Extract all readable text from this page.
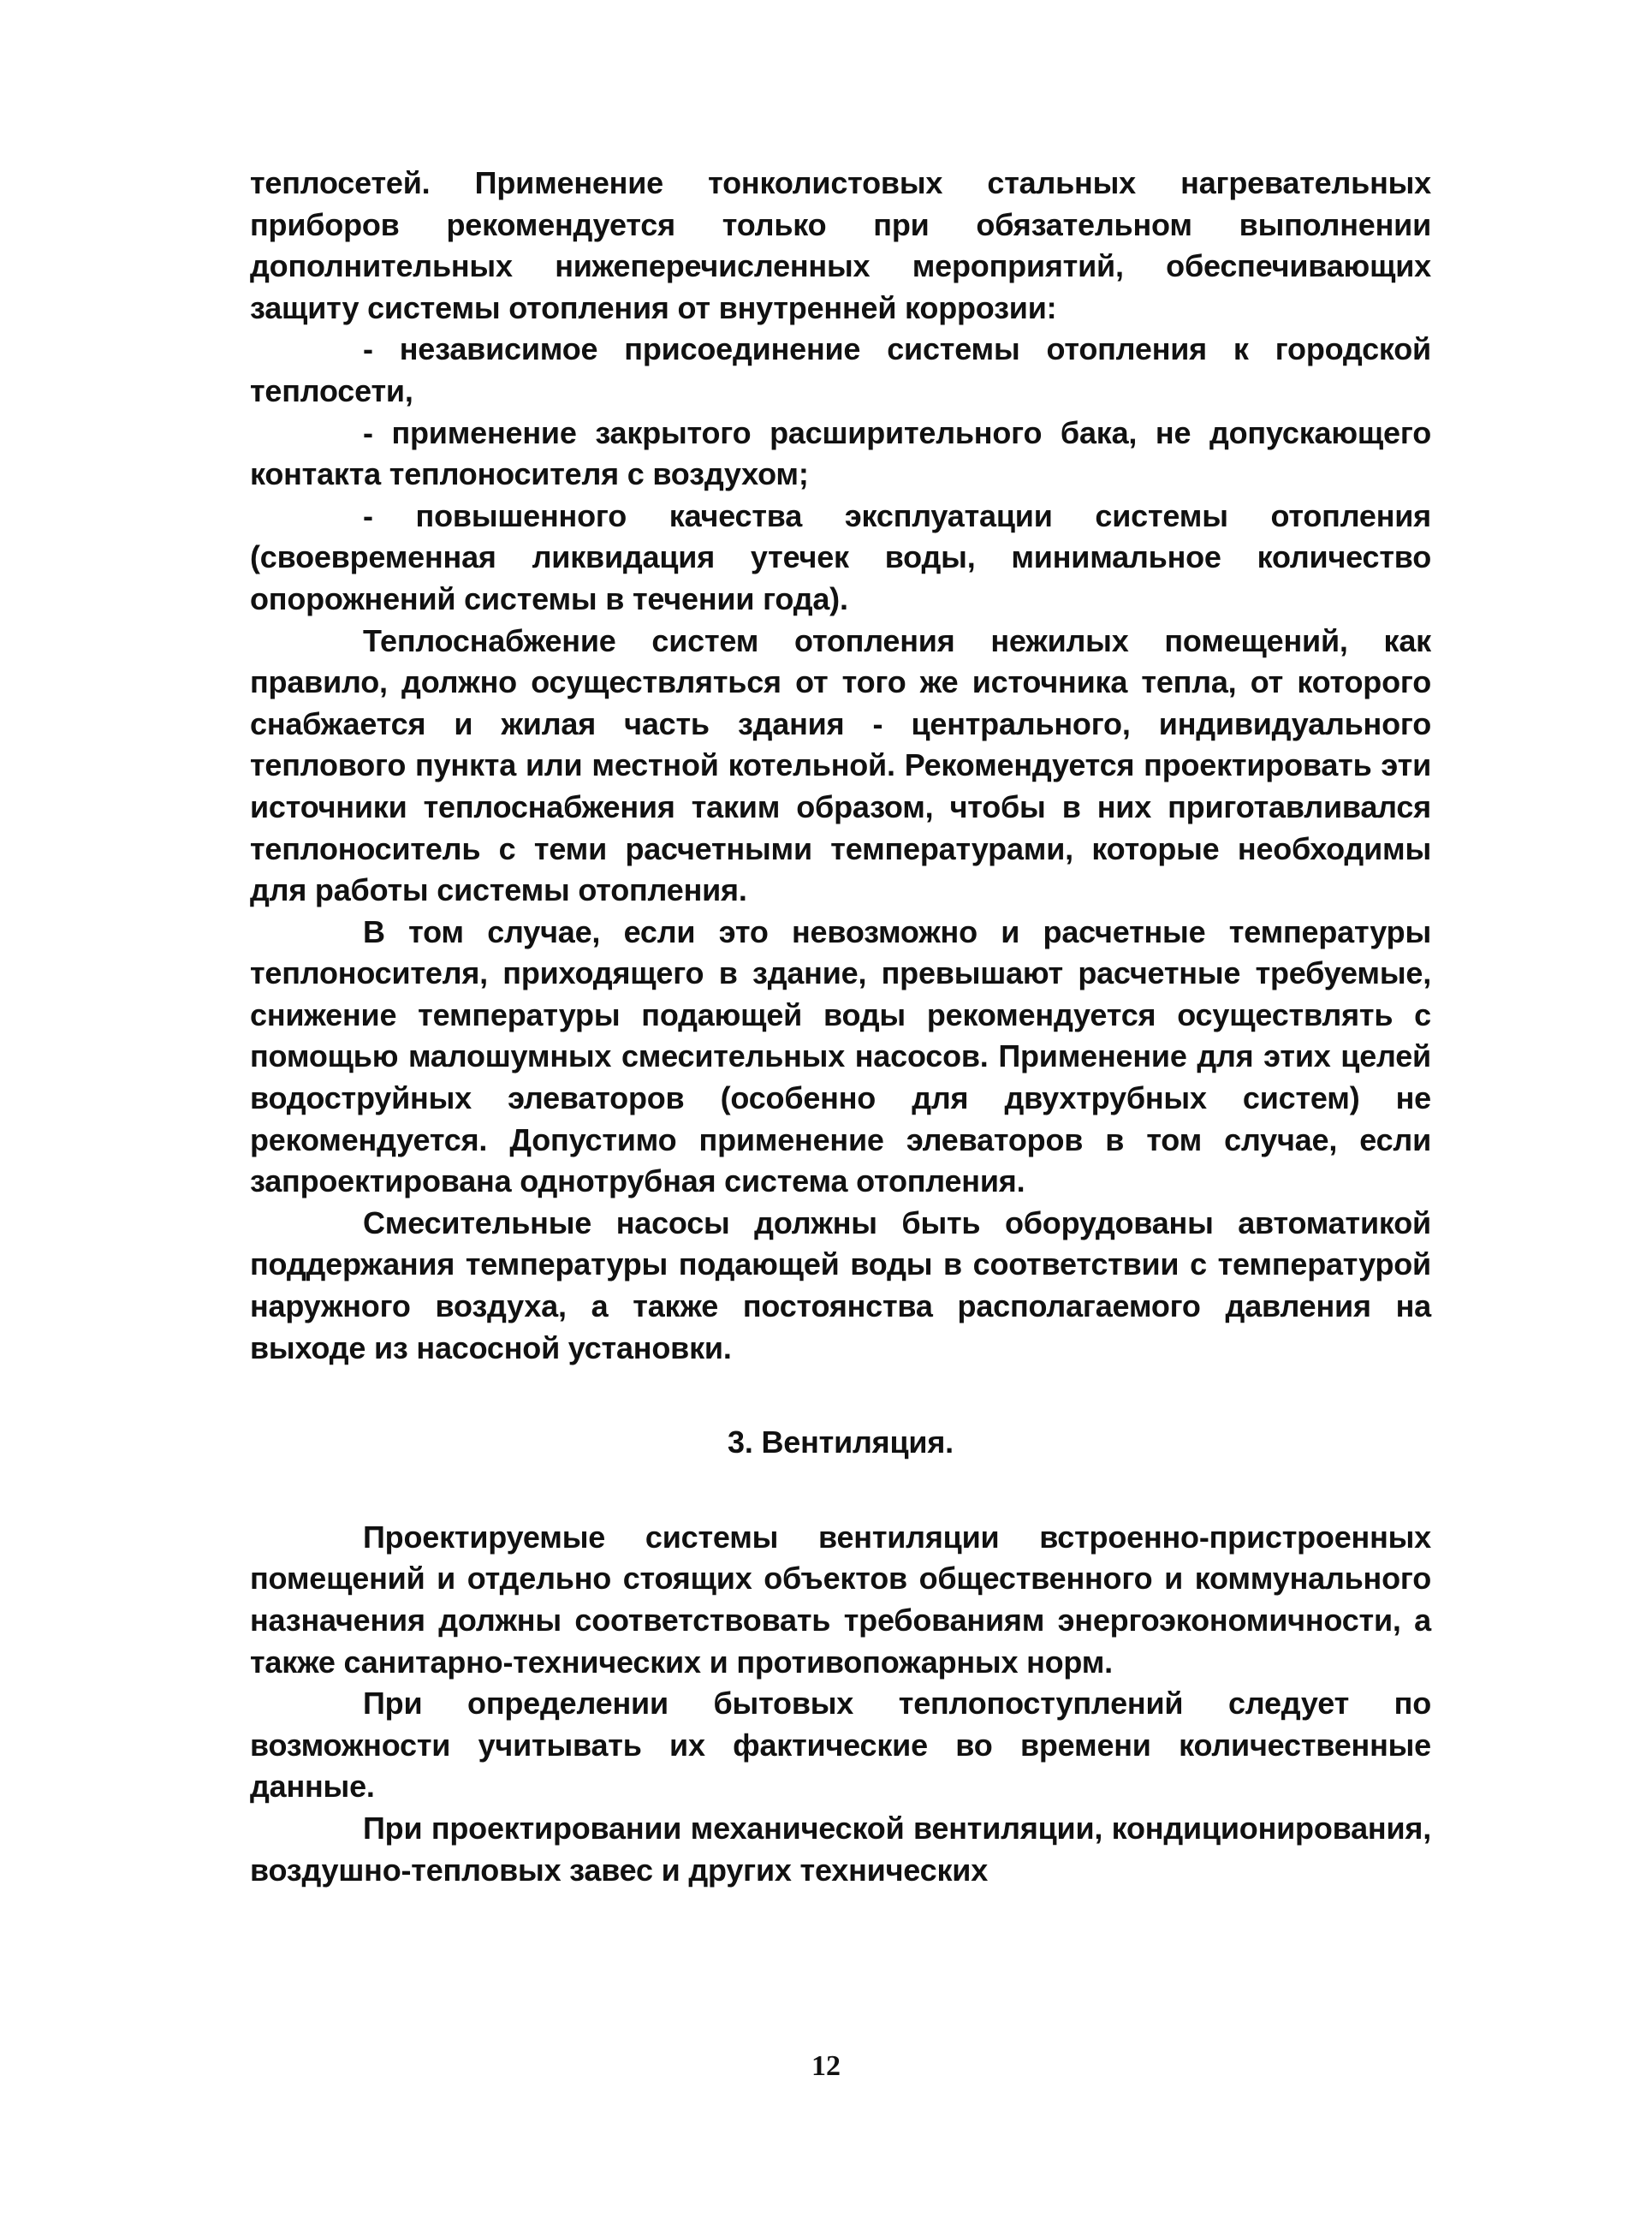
теплосетей. Применение тонколистовых стальных нагревательных приборов рекомендуется только при обязательном выполнении дополнительных нижеперечисленных мероприятий, обеспечивающих защиту системы отопления от внутренней коррозии:

- независимое присоединение системы отопления к городской теплосети,

- применение закрытого расширительного бака, не допускающего контакта теплоносителя с воздухом;

- повышенного качества эксплуатации системы отопления (своевременная ликвидация утечек воды, минимальное количество опорожнений системы в течении года).

Теплоснабжение систем отопления нежилых помещений, как правило, должно осуществляться от того же источника тепла, от которого снабжается и жилая часть здания - центрального, индивидуального теплового пункта или местной котельной. Рекомендуется проектировать эти источники теплоснабжения таким образом, чтобы в них приготавливался теплоноситель с теми расчетными температурами, которые необходимы для работы системы отопления.

В том случае, если это невозможно и расчетные температуры теплоносителя, приходящего в здание, превышают расчетные требуемые, снижение температуры подающей воды рекомендуется осуществлять с помощью малошумных смесительных насосов. Применение для этих целей водоструйных элеваторов (особенно для двухтрубных систем) не рекомендуется. Допустимо применение элеваторов в том случае, если запроектирована однотрубная система отопления.

Смесительные насосы должны быть оборудованы автоматикой поддержания температуры подающей воды в соответствии с температурой наружного воздуха, а также постоянства располагаемого давления на выходе из насосной установки.

3. Вентиляция.

Проектируемые системы вентиляции встроенно-пристроенных помещений и отдельно стоящих объектов общественного и коммунального назначения должны соответствовать требованиям энергоэкономичности, а также санитарно-технических и противопожарных норм.

При определении бытовых теплопоступлений следует по возможности учитывать их фактические во времени количественные данные.

При проектировании механической вентиляции, кондиционирования, воздушно-тепловых завес и других технических

12
